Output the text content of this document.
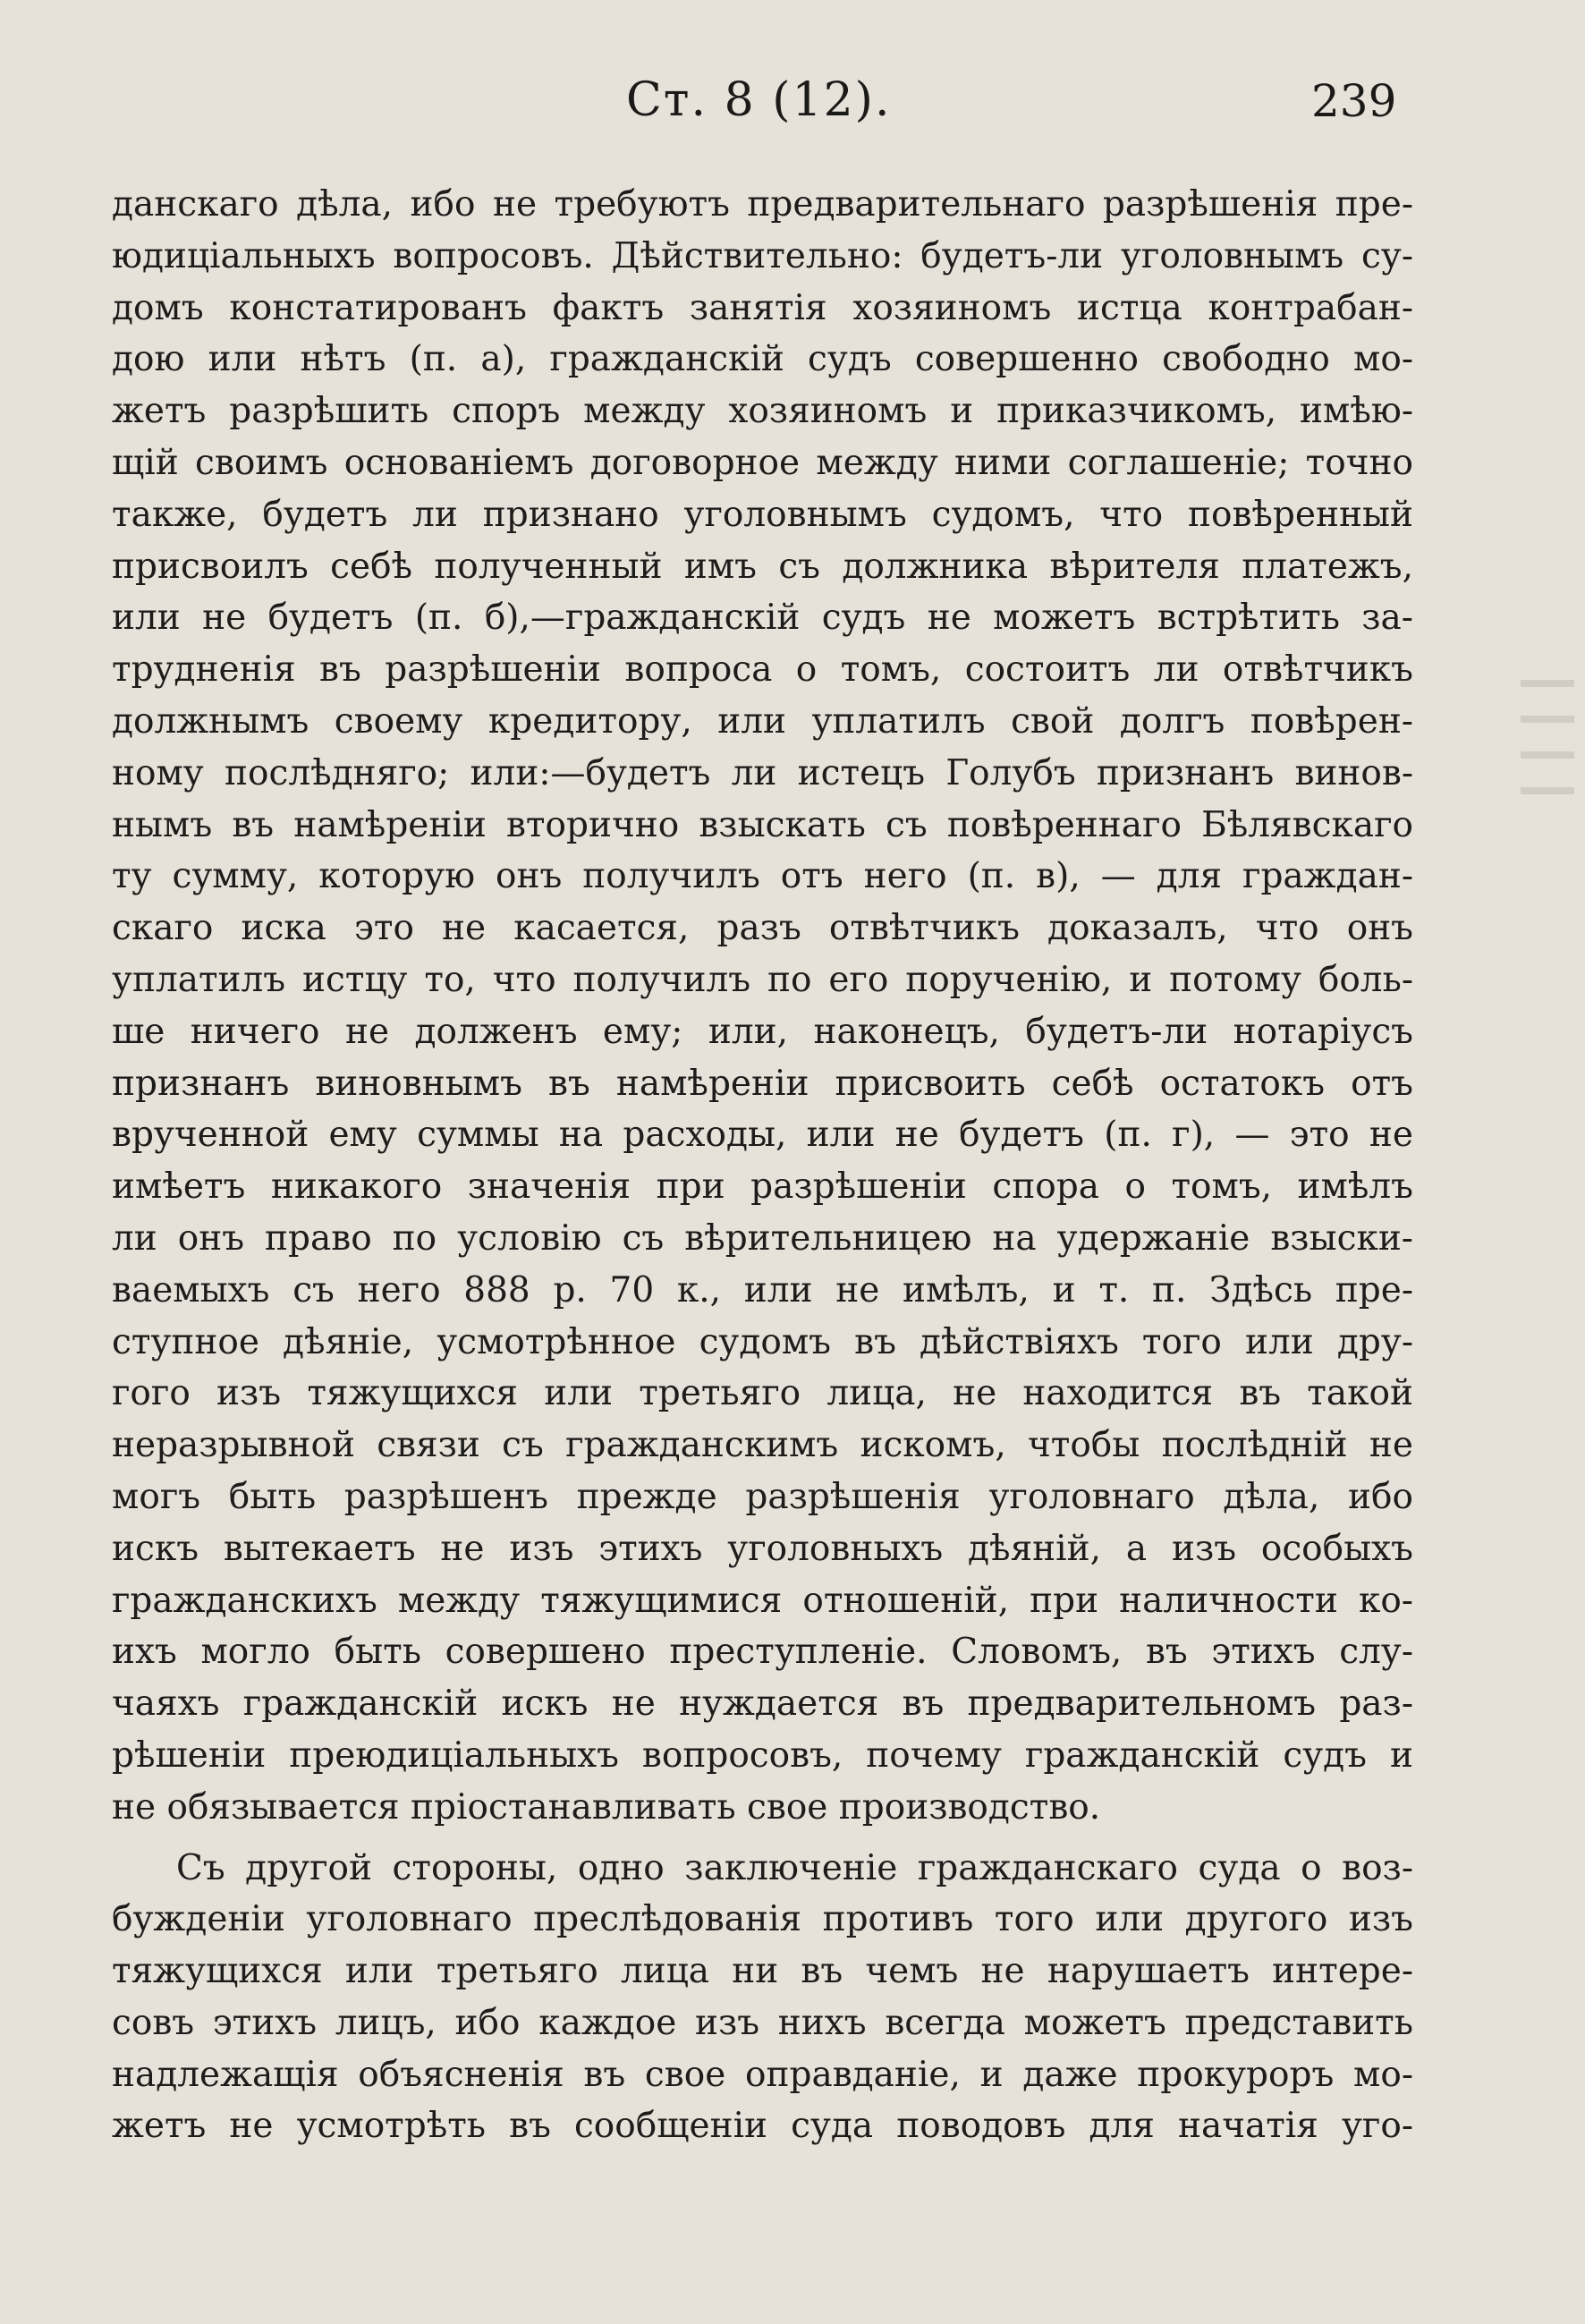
Ст. 8 (12).	239
данскаго дѣла, ибо не требуютъ предварительнаго разрѣшенія пре-
юдиціальныхъ вопросовъ. Дѣйствительно: будетъ-ли уголовнымъ су-
домъ констатированъ фактъ занятія хозяиномъ истца контрабан-
дою или нѣтъ (п. а), гражданскій судъ совершенно свободно мо-
жетъ разрѣшить споръ между хозяиномъ и приказчикомъ, имѣю-
щій своимъ основаніемъ договорное между ними соглашеніе; точно
также, будетъ ли признано уголовнымъ судомъ, что повѣренный
присвоилъ себѣ полученный имъ съ должника вѣрителя платежъ,
или не будетъ (п. б),—гражданскій судъ не можетъ встрѣтить за-
трудненія въ разрѣшеніи вопроса о томъ, состоитъ ли отвѣтчикъ
должнымъ своему кредитору, или уплатилъ свой долгъ повѣрен-
ному послѣдняго; или:—будетъ ли истецъ Голубъ признанъ винов-
нымъ въ намѣреніи вторично взыскать съ повѣреннаго Бѣлявскаго
ту сумму, которую онъ получилъ отъ него (п. в), — для граждан-
скаго иска это не касается, разъ отвѣтчикъ доказалъ, что онъ
уплатилъ истцу то, что получилъ по его порученію, и потому боль-
ше ничего не долженъ ему; или, наконецъ, будетъ-ли нотаріусъ
признанъ виновнымъ въ намѣреніи присвоить себѣ остатокъ отъ
врученной ему суммы на расходы, или не будетъ (п. г), — это не
имѣетъ никакого значенія при разрѣшеніи спора о томъ, имѣлъ
ли онъ право по условію съ вѣрительницею на удержаніе взыски-
ваемыхъ съ него 888 р. 70 к., или не имѣлъ, и т. п. Здѣсь пре-
ступное дѣяніе, усмотрѣнное судомъ въ дѣйствіяхъ того или дру-
гого изъ тяжущихся или третьяго лица, не находится въ такой
неразрывной связи съ гражданскимъ искомъ, чтобы послѣдній не
могъ быть разрѣшенъ прежде разрѣшенія уголовнаго дѣла, ибо
искъ вытекаетъ не изъ этихъ уголовныхъ дѣяній, а изъ особыхъ
гражданскихъ между тяжущимися отношеній, при наличности ко-
ихъ могло быть совершено преступленіе. Словомъ, въ этихъ слу-
чаяхъ гражданскій искъ не нуждается въ предварительномъ раз-
рѣшеніи преюдиціальныхъ вопросовъ, почему гражданскій судъ и
не обязывается пріостанавливать свое производство.
Съ другой стороны, одно заключеніе гражданскаго суда о воз-
бужденіи уголовнаго преслѣдованія противъ того или другого изъ
тяжущихся или третьяго лица ни въ чемъ не нарушаетъ интере-
совъ этихъ лицъ, ибо каждое изъ нихъ всегда можетъ представить
надлежащія объясненія въ свое оправданіе, и даже прокуроръ мо-
жетъ не усмотрѣть въ сообщеніи суда поводовъ для начатія уго-
